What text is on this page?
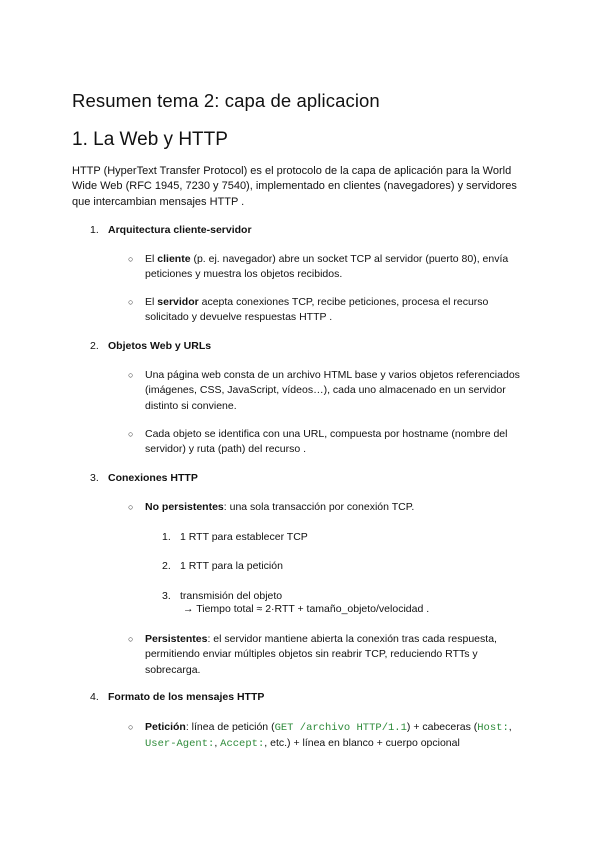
Resumen tema 2: capa de aplicacion
1. La Web y HTTP
HTTP (HyperText Transfer Protocol) es el protocolo de la capa de aplicación para la World Wide Web (RFC 1945, 7230 y 7540), implementado en clientes (navegadores) y servidores que intercambian mensajes HTTP .
1. Arquitectura cliente-servidor
○ El cliente (p. ej. navegador) abre un socket TCP al servidor (puerto 80), envía peticiones y muestra los objetos recibidos.
○ El servidor acepta conexiones TCP, recibe peticiones, procesa el recurso solicitado y devuelve respuestas HTTP .
2. Objetos Web y URLs
○ Una página web consta de un archivo HTML base y varios objetos referenciados (imágenes, CSS, JavaScript, vídeos…), cada uno almacenado en un servidor distinto si conviene.
○ Cada objeto se identifica con una URL, compuesta por hostname (nombre del servidor) y ruta (path) del recurso .
3. Conexiones HTTP
○ No persistentes: una sola transacción por conexión TCP.
1. 1 RTT para establecer TCP
2. 1 RTT para la petición
3. transmisión del objeto
→ Tiempo total ≈ 2·RTT + tamaño_objeto/velocidad .
○ Persistentes: el servidor mantiene abierta la conexión tras cada respuesta, permitiendo enviar múltiples objetos sin reabrir TCP, reduciendo RTTs y sobrecarga.
4. Formato de los mensajes HTTP
○ Petición: línea de petición (GET /archivo HTTP/1.1) + cabeceras (Host:, User-Agent:, Accept:, etc.) + línea en blanco + cuerpo opcional
